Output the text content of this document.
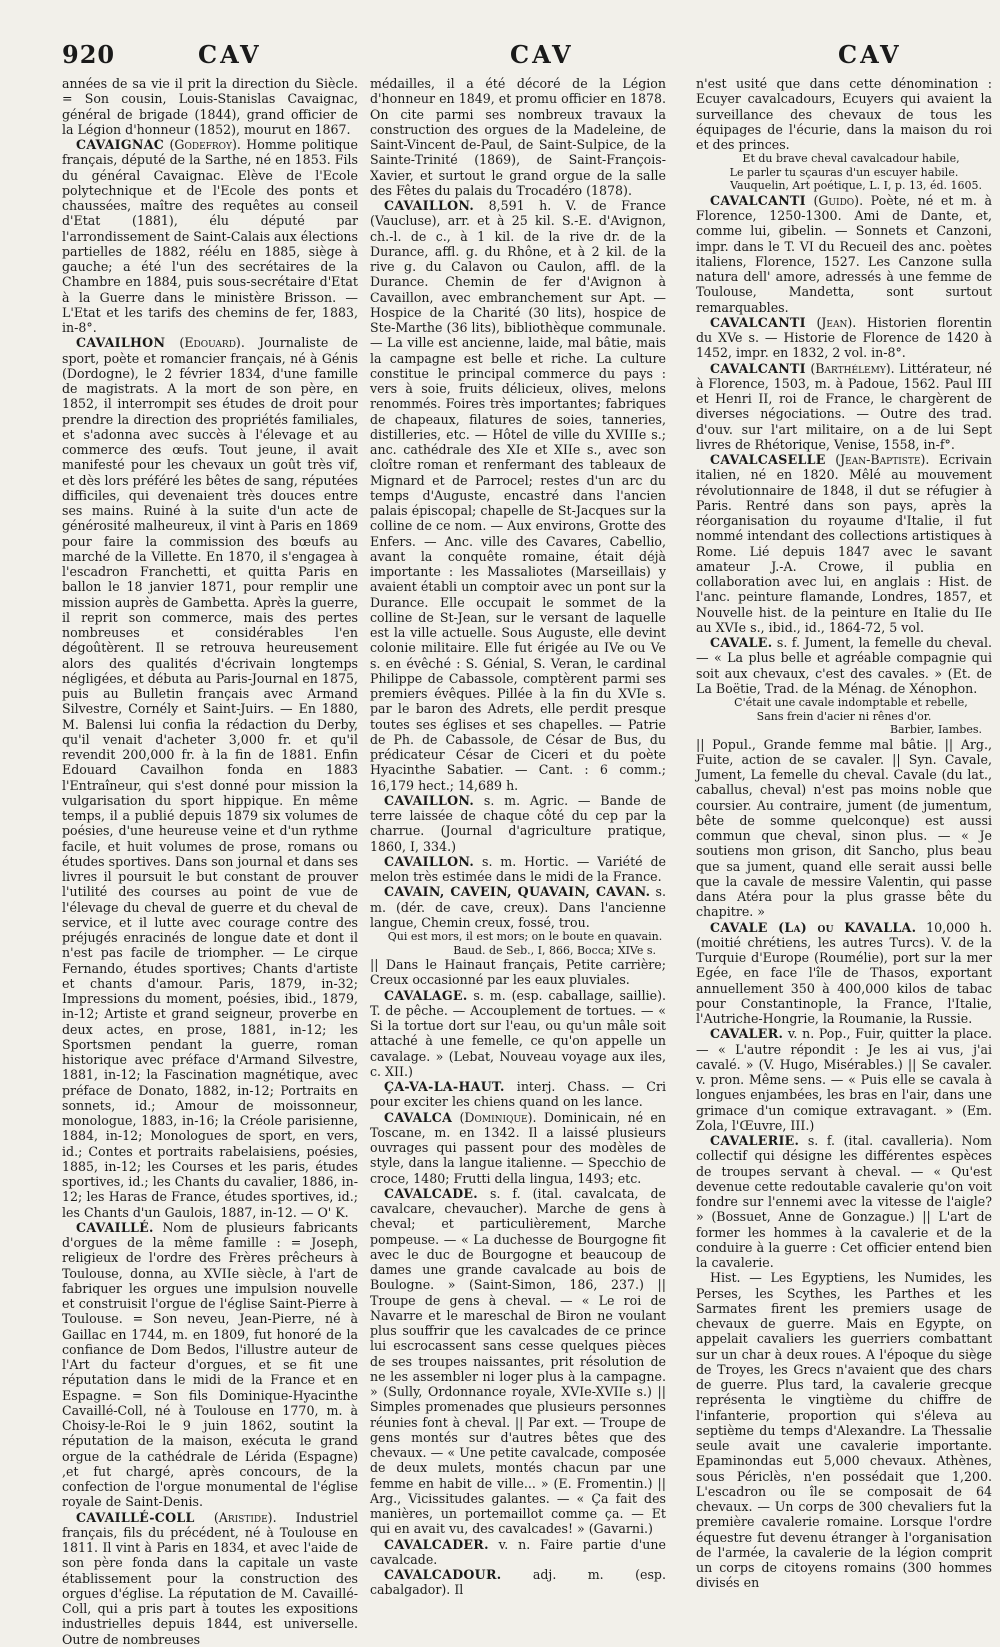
920	CAV	CAV	CAV

années de sa vie il prit la direction du Siècle. = Son cousin, Louis-Stanislas Cavaignac, général de brigade (1844), grand officier de la Légion d'honneur (1852), mourut en 1867.

CAVAIGNAC (Godefroy). Homme politique français, député de la Sarthe, né en 1853. Fils du général Cavaignac. Elève de l'Ecole polytechnique et de l'Ecole des ponts et chaussées, maître des requêtes au conseil d'Etat (1881), élu député par l'arrondissement de Saint-Calais aux élections partielles de 1882, réélu en 1885, siège à gauche; a été l'un des secrétaires de la Chambre en 1884, puis sous-secrétaire d'Etat à la Guerre dans le ministère Brisson. — L'Etat et les tarifs des chemins de fer, 1883, in-8°.

CAVAILHON (Edouard). Journaliste de sport, poète et romancier français, né à Génis (Dordogne), le 2 février 1834, d'une famille de magistrats. A la mort de son père, en 1852, il interrompit ses études de droit pour prendre la direction des propriétés familiales, et s'adonna avec succès à l'élevage et au commerce des œufs. Tout jeune, il avait manifesté pour les chevaux un goût très vif, et dès lors préféré les bêtes de sang, réputées difficiles, qui devenaient très douces entre ses mains. Ruiné à la suite d'un acte de générosité malheureux, il vint à Paris en 1869 pour faire la commission des bœufs au marché de la Villette. En 1870, il s'engagea à l'escadron Franchetti, et quitta Paris en ballon le 18 janvier 1871, pour remplir une mission auprès de Gambetta. Après la guerre, il reprit son commerce, mais des pertes nombreuses et considérables l'en dégoûtèrent. Il se retrouva heureusement alors des qualités d'écrivain longtemps négligées, et débuta au Paris-Journal en 1875, puis au Bulletin français avec Armand Silvestre, Cornély et Saint-Juirs. — En 1880, M. Balensi lui confia la rédaction du Derby, qu'il venait d'acheter 3,000 fr. et qu'il revendit 200,000 fr. à la fin de 1881. Enfin Edouard Cavailhon fonda en 1883 l'Entraîneur, qui s'est donné pour mission la vulgarisation du sport hippique. En même temps, il a publié depuis 1879 six volumes de poésies, d'une heureuse veine et d'un rythme facile, et huit volumes de prose, romans ou études sportives. Dans son journal et dans ses livres il poursuit le but constant de prouver l'utilité des courses au point de vue de l'élevage du cheval de guerre et du cheval de service, et il lutte avec courage contre des préjugés enracinés de longue date et dont il n'est pas facile de triompher. — Le cirque Fernando, études sportives; Chants d'artiste et chants d'amour. Paris, 1879, in-32; Impressions du moment, poésies, ibid., 1879, in-12; Artiste et grand seigneur, proverbe en deux actes, en prose, 1881, in-12; les Sportsmen pendant la guerre, roman historique avec préface d'Armand Silvestre, 1881, in-12; la Fascination magnétique, avec préface de Donato, 1882, in-12; Portraits en sonnets, id.; Amour de moissonneur, monologue, 1883, in-16; la Créole parisienne, 1884, in-12; Monologues de sport, en vers, id.; Contes et portraits rabelaisiens, poésies, 1885, in-12; les Courses et les paris, études sportives, id.; les Chants du cavalier, 1886, in-12; les Haras de France, études sportives, id.; les Chants d'un Gaulois, 1887, in-12. — O' K.

CAVAILLÉ. Nom de plusieurs fabricants d'orgues de la même famille : = Joseph, religieux de l'ordre des Frères prêcheurs à Toulouse, donna, au XVIIe siècle, à l'art de fabriquer les orgues une impulsion nouvelle et construisit l'orgue de l'église Saint-Pierre à Toulouse. = Son neveu, Jean-Pierre, né à Gaillac en 1744, m. en 1809, fut honoré de la confiance de Dom Bedos, l'illustre auteur de l'Art du facteur d'orgues, et se fit une réputation dans le midi de la France et en Espagne. = Son fils Dominique-Hyacinthe Cavaillé-Coll, né à Toulouse en 1770, m. à Choisy-le-Roi le 9 juin 1862, soutint la réputation de la maison, exécuta le grand orgue de la cathédrale de Lérida (Espagne) ,et fut chargé, après concours, de la confection de l'orgue monumental de l'église royale de Saint-Denis.

CAVAILLÉ-COLL (Aristide). Industriel français, fils du précédent, né à Toulouse en 1811. Il vint à Paris en 1834, et avec l'aide de son père fonda dans la capitale un vaste établissement pour la construction des orgues d'église. La réputation de M. Cavaillé-Coll, qui a pris part à toutes les expositions industrielles depuis 1844, est universelle. Outre de nombreuses

médailles, il a été décoré de la Légion d'honneur en 1849, et promu officier en 1878. On cite parmi ses nombreux travaux la construction des orgues de la Madeleine, de Saint-Vincent de-Paul, de Saint-Sulpice, de la Sainte-Trinité (1869), de Saint-François-Xavier, et surtout le grand orgue de la salle des Fêtes du palais du Trocadéro (1878).

CAVAILLON. 8,591 h. V. de France (Vaucluse), arr. et à 25 kil. S.-E. d'Avignon, ch.-l. de c., à 1 kil. de la rive dr. de la Durance, affl. g. du Rhône, et à 2 kil. de la rive g. du Calavon ou Caulon, affl. de la Durance. Chemin de fer d'Avignon à Cavaillon, avec embranchement sur Apt. — Hospice de la Charité (30 lits), hospice de Ste-Marthe (36 lits), bibliothèque communale. — La ville est ancienne, laide, mal bâtie, mais la campagne est belle et riche. La culture constitue le principal commerce du pays : vers à soie, fruits délicieux, olives, melons renommés. Foires très importantes; fabriques de chapeaux, filatures de soies, tanneries, distilleries, etc. — Hôtel de ville du XVIIIe s.; anc. cathédrale des XIe et XIIe s., avec son cloître roman et renfermant des tableaux de Mignard et de Parrocel; restes d'un arc du temps d'Auguste, encastré dans l'ancien palais épiscopal; chapelle de St-Jacques sur la colline de ce nom. — Aux environs, Grotte des Enfers. — Anc. ville des Cavares, Cabellio, avant la conquête romaine, était déjà importante : les Massaliotes (Marseillais) y avaient établi un comptoir avec un pont sur la Durance. Elle occupait le sommet de la colline de St-Jean, sur le versant de laquelle est la ville actuelle. Sous Auguste, elle devint colonie militaire. Elle fut érigée au IVe ou Ve s. en évêché : S. Génial, S. Veran, le cardinal Philippe de Cabassole, comptèrent parmi ses premiers évêques. Pillée à la fin du XVIe s. par le baron des Adrets, elle perdit presque toutes ses églises et ses chapelles. — Patrie de Ph. de Cabassole, de César de Bus, du prédicateur César de Ciceri et du poète Hyacinthe Sabatier. — Cant. : 6 comm.; 16,179 hect.; 14,689 h.

CAVAILLON. s. m. Agric. — Bande de terre laissée de chaque côté du cep par la charrue. (Journal d'agriculture pratique, 1860, I, 334.)

CAVAILLON. s. m. Hortic. — Variété de melon très estimée dans le midi de la France.

CAVAIN, CAVEIN, QUAVAIN, CAVAN. s. m. (dér. de cave, creux). Dans l'ancienne langue, Chemin creux, fossé, trou.

Qui est mors, il est mors; on le boute en quavain.
Baud. de Seb., I, 866, Bocca; XIVe s.

|| Dans le Hainaut français, Petite carrière; Creux occasionné par les eaux pluviales.

CAVALAGE. s. m. (esp. caballage, saillie). T. de pêche. — Accouplement de tortues. — « Si la tortue dort sur l'eau, ou qu'un mâle soit attaché à une femelle, ce qu'on appelle un cavalage. » (Lebat, Nouveau voyage aux iles, c. XII.)

ÇA-VA-LA-HAUT. interj. Chass. — Cri pour exciter les chiens quand on les lance.

CAVALCA (Dominique). Dominicain, né en Toscane, m. en 1342. Il a laissé plusieurs ouvrages qui passent pour des modèles de style, dans la langue italienne. — Specchio de croce, 1480; Frutti della lingua, 1493; etc.

CAVALCADE. s. f. (ital. cavalcata, de cavalcare, chevaucher). Marche de gens à cheval; et particulièrement, Marche pompeuse. — « La duchesse de Bourgogne fit avec le duc de Bourgogne et beaucoup de dames une grande cavalcade au bois de Boulogne. » (Saint-Simon, 186, 237.) || Troupe de gens à cheval. — « Le roi de Navarre et le mareschal de Biron ne voulant plus souffrir que les cavalcades de ce prince lui escrocassent sans cesse quelques pièces de ses troupes naissantes, prit résolution de ne les assembler ni loger plus à la campagne. » (Sully, Ordonnance royale, XVIe-XVIIe s.) || Simples promenades que plusieurs personnes réunies font à cheval. || Par ext. — Troupe de gens montés sur d'autres bêtes que des chevaux. — « Une petite cavalcade, composée de deux mulets, montés chacun par une femme en habit de ville... » (E. Fromentin.) || Arg., Vicissitudes galantes. — « Ça fait des manières, un portemaillot comme ça. — Et qui en avait vu, des cavalcades! » (Gavarni.)

CAVALCADER. v. n. Faire partie d'une cavalcade.

CAVALCADOUR. adj. m. (esp. cabalgador). Il

n'est usité que dans cette dénomination : Ecuyer cavalcadours, Ecuyers qui avaient la surveillance des chevaux de tous les équipages de l'écurie, dans la maison du roi et des princes.

Et du brave cheval cavalcadour habile,
Le parler tu sçauras d'un escuyer habile.
Vauquelin, Art poétique, L. I, p. 13, éd. 1605.

CAVALCANTI (Guido). Poète, né et m. à Florence, 1250-1300. Ami de Dante, et, comme lui, gibelin. — Sonnets et Canzoni, impr. dans le T. VI du Recueil des anc. poètes italiens, Florence, 1527. Les Canzone sulla natura dell' amore, adressés à une femme de Toulouse, Mandetta, sont surtout remarquables.

CAVALCANTI (Jean). Historien florentin du XVe s. — Historie de Florence de 1420 à 1452, impr. en 1832, 2 vol. in-8°.

CAVALCANTI (Barthélemy). Littérateur, né à Florence, 1503, m. à Padoue, 1562. Paul III et Henri II, roi de France, le chargèrent de diverses négociations. — Outre des trad. d'ouv. sur l'art militaire, on a de lui Sept livres de Rhétorique, Venise, 1558, in-f°.

CAVALCASELLE (Jean-Baptiste). Ecrivain italien, né en 1820. Mêlé au mouvement révolutionnaire de 1848, il dut se réfugier à Paris. Rentré dans son pays, après la réorganisation du royaume d'Italie, il fut nommé intendant des collections artistiques à Rome. Lié depuis 1847 avec le savant amateur J.-A. Crowe, il publia en collaboration avec lui, en anglais : Hist. de l'anc. peinture flamande, Londres, 1857, et Nouvelle hist. de la peinture en Italie du IIe au XVIe s., ibid., id., 1864-72, 5 vol.

CAVALE. s. f. Jument, la femelle du cheval. — « La plus belle et agréable compagnie qui soit aux chevaux, c'est des cavales. » (Et. de La Boëtie, Trad. de la Ménag. de Xénophon.

C'était une cavale indomptable et rebelle,
Sans frein d'acier ni rênes d'or.
Barbier, Iambes.

|| Popul., Grande femme mal bâtie. || Arg., Fuite, action de se cavaler. || Syn. Cavale, Jument, La femelle du cheval. Cavale (du lat., caballus, cheval) n'est pas moins noble que coursier. Au contraire, jument (de jumentum, bête de somme quelconque) est aussi commun que cheval, sinon plus. — « Je soutiens mon grison, dit Sancho, plus beau que sa jument, quand elle serait aussi belle que la cavale de messire Valentin, qui passe dans Atéra pour la plus grasse bête du chapitre. »

CAVALE (La) ou KAVALLA. 10,000 h. (moitié chrétiens, les autres Turcs). V. de la Turquie d'Europe (Roumélie), port sur la mer Egée, en face l'île de Thasos, exportant annuellement 350 à 400,000 kilos de tabac pour Constantinople, la France, l'Italie, l'Autriche-Hongrie, la Roumanie, la Russie.

CAVALER. v. n. Pop., Fuir, quitter la place. — « L'autre répondit : Je les ai vus, j'ai cavalé. » (V. Hugo, Misérables.) || Se cavaler. v. pron. Même sens. — « Puis elle se cavala à longues enjambées, les bras en l'air, dans une grimace d'un comique extravagant. » (Em. Zola, l'Œuvre, III.)

CAVALERIE. s. f. (ital. cavalleria). Nom collectif qui désigne les différentes espèces de troupes servant à cheval. — « Qu'est devenue cette redoutable cavalerie qu'on voit fondre sur l'ennemi avec la vitesse de l'aigle? » (Bossuet, Anne de Gonzague.) || L'art de former les hommes à la cavalerie et de la conduire à la guerre : Cet officier entend bien la cavalerie.

Hist. — Les Egyptiens, les Numides, les Perses, les Scythes, les Parthes et les Sarmates firent les premiers usage de chevaux de guerre. Mais en Egypte, on appelait cavaliers les guerriers combattant sur un char à deux roues. A l'époque du siège de Troyes, les Grecs n'avaient que des chars de guerre. Plus tard, la cavalerie grecque représenta le vingtième du chiffre de l'infanterie, proportion qui s'éleva au septième du temps d'Alexandre. La Thessalie seule avait une cavalerie importante. Epaminondas eut 5,000 chevaux. Athènes, sous Périclès, n'en possédait que 1,200. L'escadron ou île se composait de 64 chevaux. — Un corps de 300 chevaliers fut la première cavalerie romaine. Lorsque l'ordre équestre fut devenu étranger à l'organisation de l'armée, la cavalerie de la légion comprit un corps de citoyens romains (300 hommes divisés en
